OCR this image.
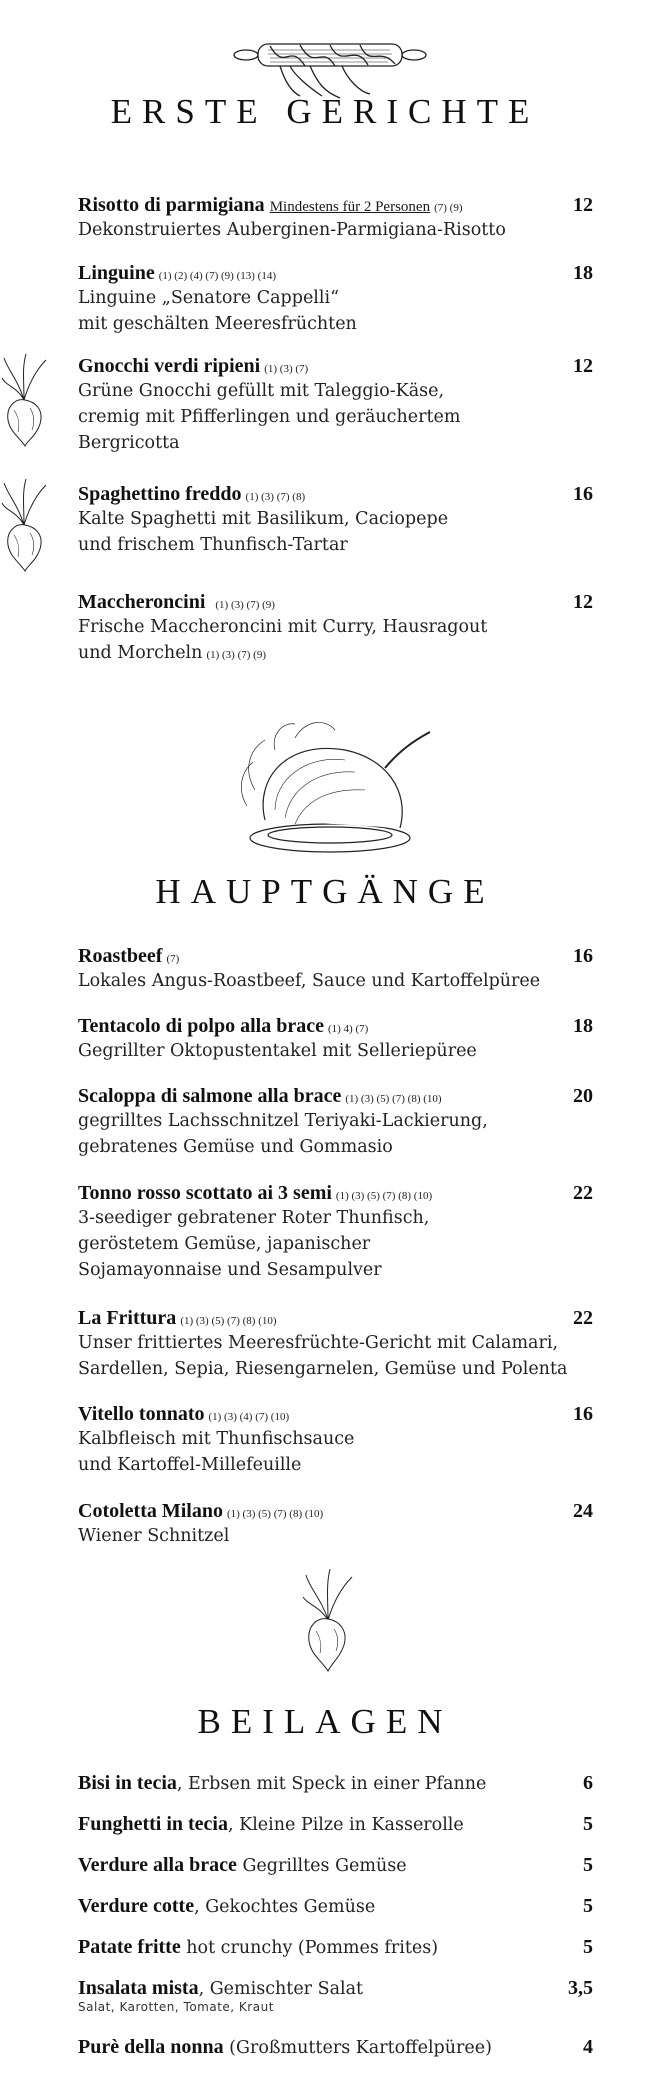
ERSTE GERICHTE
Risotto di parmigiana Mindestens für 2 Personen (7) (9)	12
Dekonstruiertes Auberginen-Parmigiana-Risotto
Linguine (1) (2) (4) (7) (9) (13) (14)	18
Linguine „Senatore Cappelli“
mit geschälten Meeresfrüchten
Gnocchi verdi ripieni (1) (3) (7)	12
Grüne Gnocchi gefüllt mit Taleggio-Käse,
cremig mit Pfifferlingen und geräuchertem
Bergricotta
Spaghettino freddo (1) (3) (7) (8)	16
Kalte Spaghetti mit Basilikum, Caciopepe
und frischem Thunfisch-Tartar
Maccheroncini (1) (3) (7) (9)	12
Frische Maccheroncini mit Curry, Hausragout
und Morcheln (1) (3) (7) (9)
HAUPTGÄNGE
Roastbeef (7)	16
Lokales Angus-Roastbeef, Sauce und Kartoffelpüree
Tentacolo di polpo alla brace (1) 4) (7)	18
Gegrillter Oktopustentakel mit Selleriepüree
Scaloppa di salmone alla brace (1) (3) (5) (7) (8) (10)	20
gegrilltes Lachsschnitzel Teriyaki-Lackierung,
gebratenes Gemüse und Gommasio
Tonno rosso scottato ai 3 semi (1) (3) (5) (7) (8) (10)	22
3-seediger gebratener Roter Thunfisch,
geröstetem Gemüse, japanischer
Sojamayonnaise und Sesampulver
La Frittura (1) (3) (5) (7) (8) (10)	22
Unser frittiertes Meeresfrüchte-Gericht mit Calamari,
Sardellen, Sepia, Riesengarnelen, Gemüse und Polenta
Vitello tonnato (1) (3) (4) (7) (10)	16
Kalbfleisch mit Thunfischsauce
und Kartoffel-Millefeuille
Cotoletta Milano (1) (3) (5) (7) (8) (10)	24
Wiener Schnitzel
BEILAGEN
Bisi in tecia, Erbsen mit Speck in einer Pfanne	6
Funghetti in tecia, Kleine Pilze in Kasserolle	5
Verdure alla brace Gegrilltes Gemüse	5
Verdure cotte, Gekochtes Gemüse	5
Patate fritte hot crunchy (Pommes frites)	5
Insalata mista, Gemischter Salat	3,5
Salat, Karotten, Tomate, Kraut
Purè della nonna (Großmutters Kartoffelpüree)	4
